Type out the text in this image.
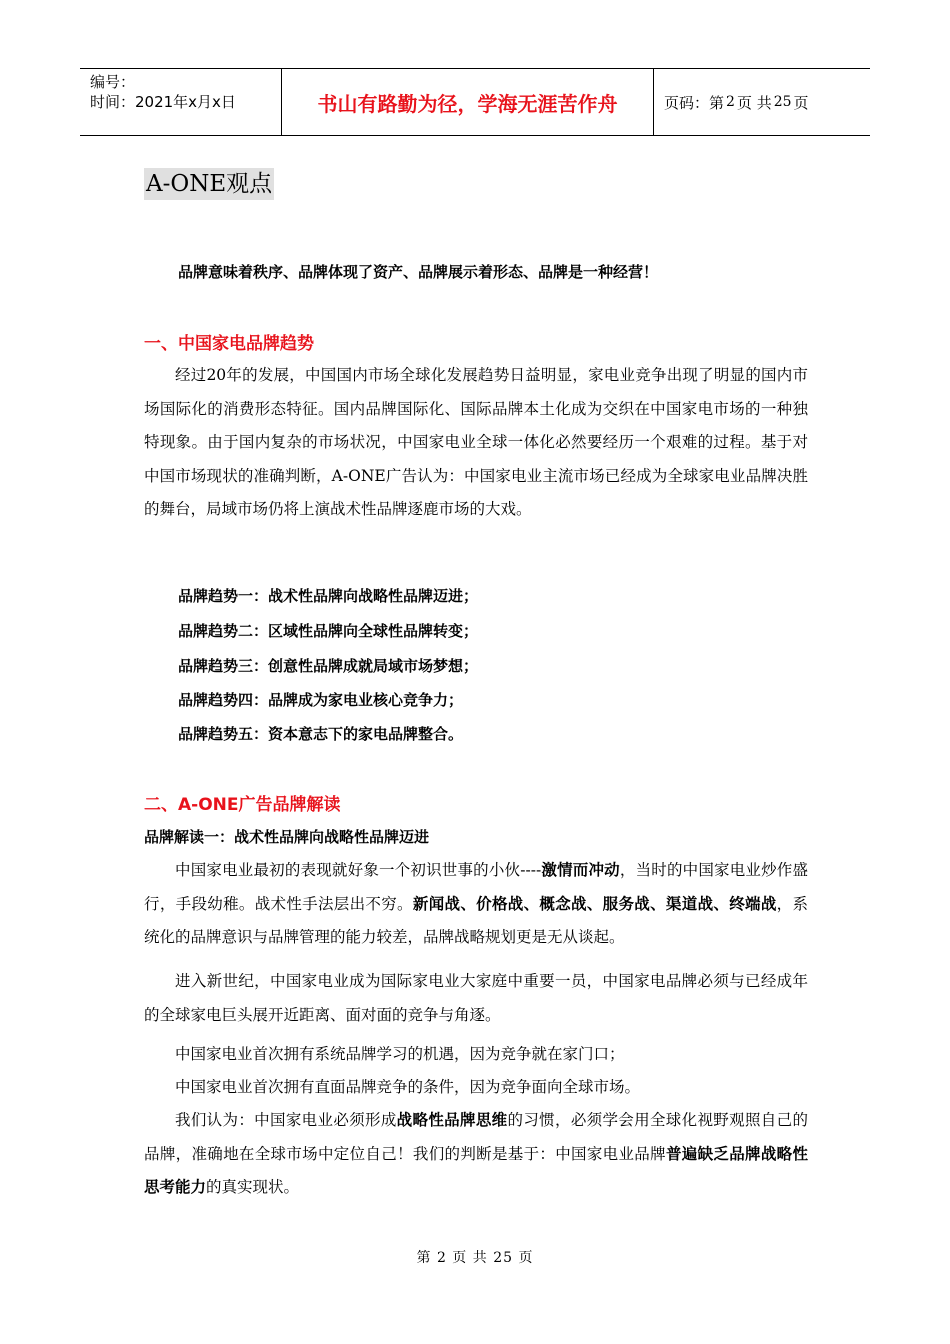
编号：
时间：2021年x月x日	书山有路勤为径，学海无涯苦作舟	页码：第 2 页 共 25 页
A-ONE观点
品牌意味着秩序、品牌体现了资产、品牌展示着形态、品牌是一种经营！
一、中国家电品牌趋势

经过20年的发展，中国国内市场全球化发展趋势日益明显，家电业竞争出现了明显的国内市场国际化的消费形态特征。国内品牌国际化、国际品牌本土化成为交织在中国家电市场的一种独特现象。由于国内复杂的市场状况，中国家电业全球一体化必然要经历一个艰难的过程。基于对中国市场现状的准确判断，A-ONE广告认为：中国家电业主流市场已经成为全球家电业品牌决胜的舞台，局域市场仍将上演战术性品牌逐鹿市场的大戏。

品牌趋势一：战术性品牌向战略性品牌迈进；
品牌趋势二：区域性品牌向全球性品牌转变；
品牌趋势三：创意性品牌成就局域市场梦想；
品牌趋势四：品牌成为家电业核心竞争力；
品牌趋势五：资本意志下的家电品牌整合。
二、A-ONE广告品牌解读
品牌解读一：战术性品牌向战略性品牌迈进

中国家电业最初的表现就好象一个初识世事的小伙----激情而冲动，当时的中国家电业炒作盛行，手段幼稚。战术性手法层出不穷。新闻战、价格战、概念战、服务战、渠道战、终端战，系统化的品牌意识与品牌管理的能力较差，品牌战略规划更是无从谈起。

进入新世纪，中国家电业成为国际家电业大家庭中重要一员，中国家电品牌必须与已经成年的全球家电巨头展开近距离、面对面的竞争与角逐。

中国家电业首次拥有系统品牌学习的机遇，因为竞争就在家门口；

中国家电业首次拥有直面品牌竞争的条件，因为竞争面向全球市场。

我们认为：中国家电业必须形成战略性品牌思维的习惯，必须学会用全球化视野观照自己的品牌，准确地在全球市场中定位自己！我们的判断是基于：中国家电业品牌普遍缺乏品牌战略性思考能力的真实现状。

第 2 页 共 25 页
